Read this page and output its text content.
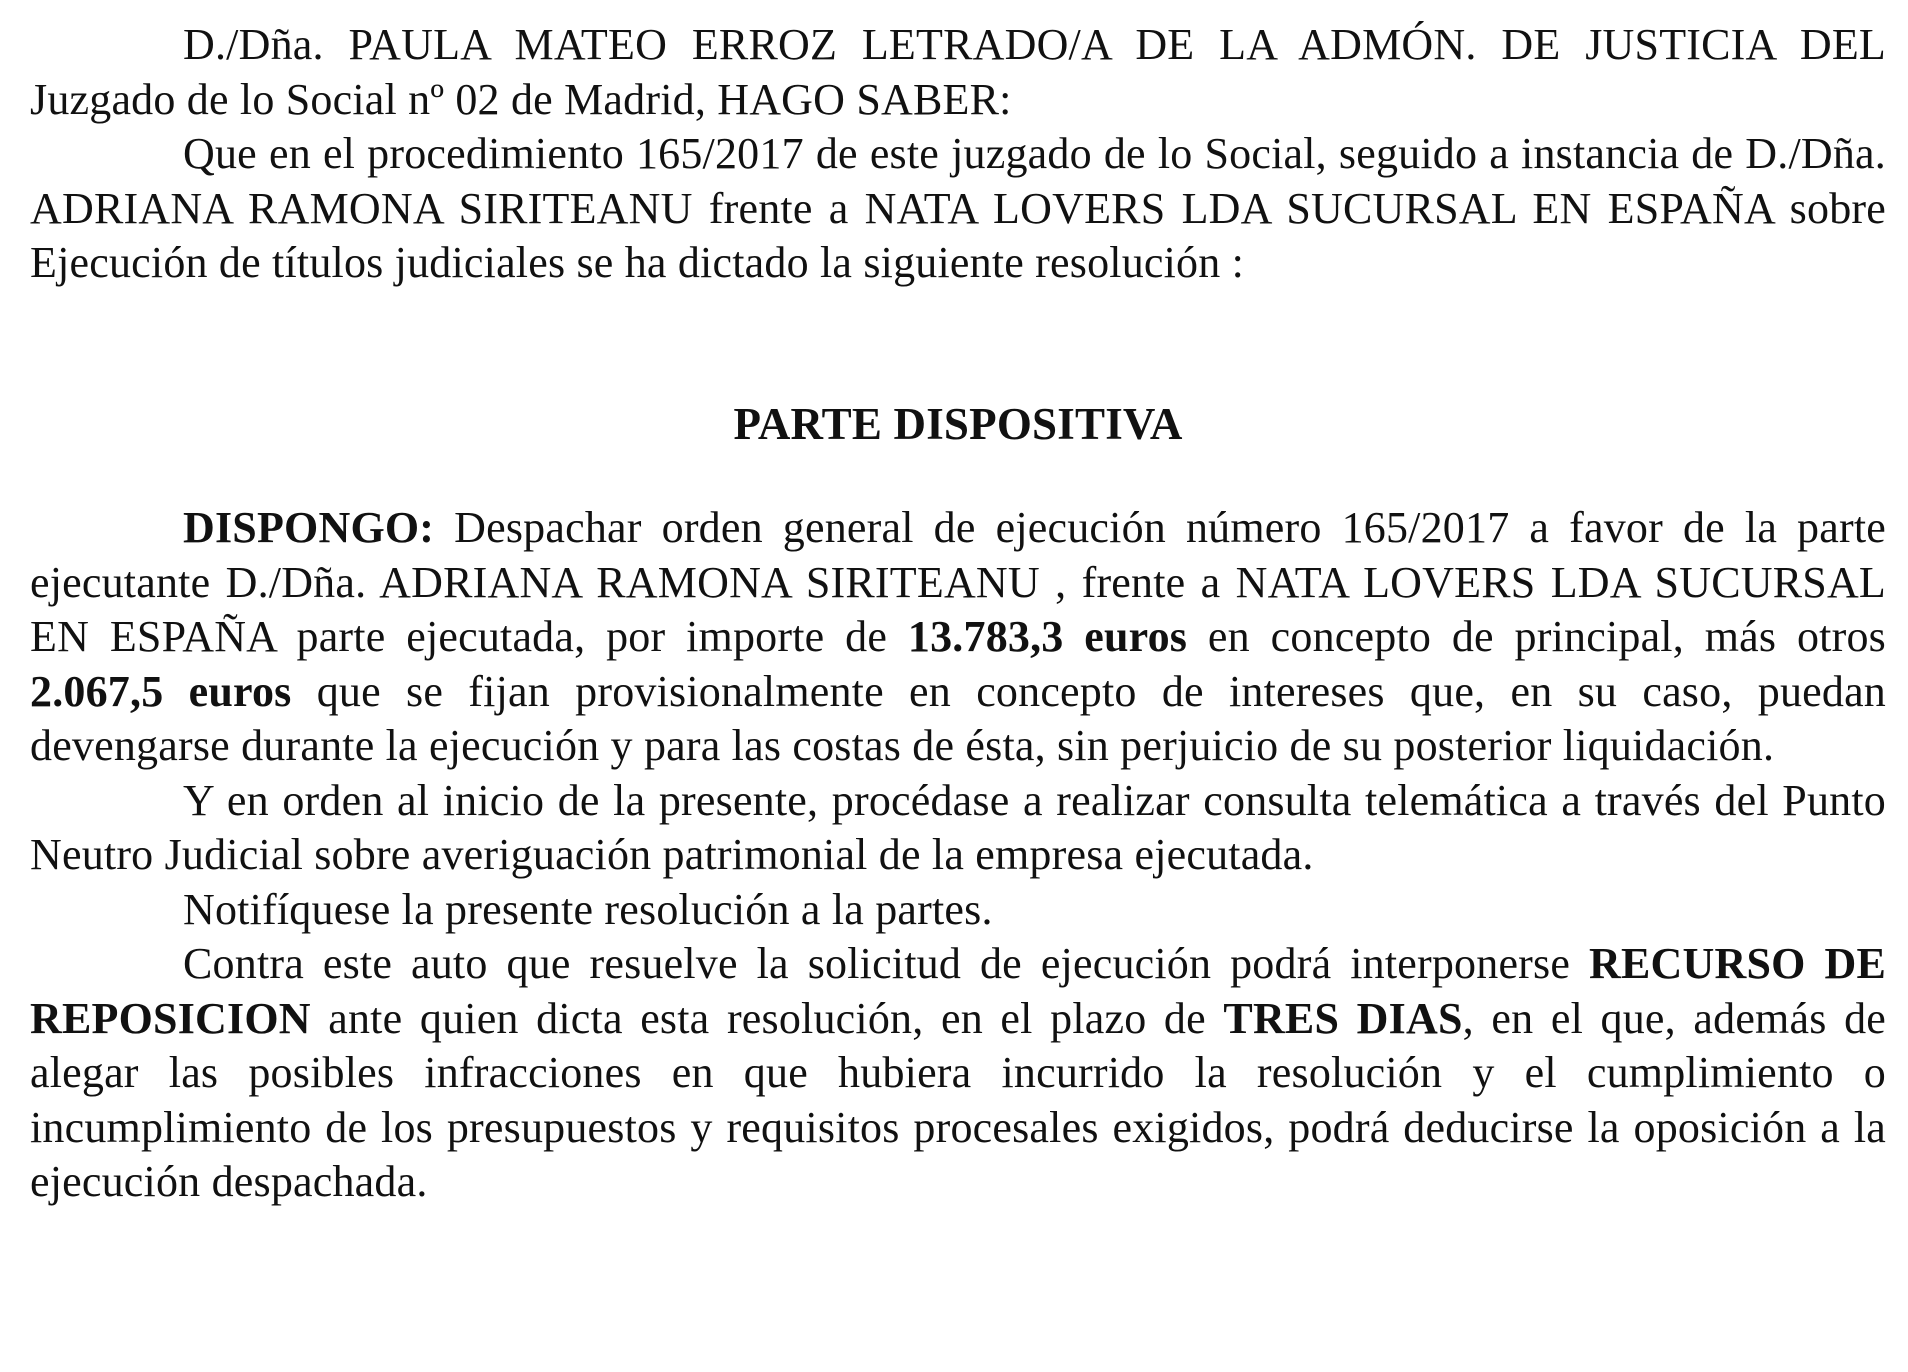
D./Dña. PAULA MATEO ERROZ LETRADO/A DE LA ADMÓN. DE JUSTICIA DEL Juzgado de lo Social nº 02 de Madrid, HAGO SABER:

Que en el procedimiento 165/2017 de este juzgado de lo Social, seguido a instancia de D./Dña. ADRIANA RAMONA SIRITEANU frente a NATA LOVERS LDA SUCURSAL EN ESPAÑA sobre Ejecución de títulos judiciales se ha dictado la siguiente resolución :

PARTE DISPOSITIVA

DISPONGO: Despachar orden general de ejecución número 165/2017 a favor de la parte ejecutante D./Dña. ADRIANA RAMONA SIRITEANU , frente a NATA LOVERS LDA SUCURSAL EN ESPAÑA parte ejecutada, por importe de 13.783,3 euros en concepto de principal, más otros 2.067,5 euros que se fijan provisionalmente en concepto de intereses que, en su caso, puedan devengarse durante la ejecución y para las costas de ésta, sin perjuicio de su posterior liquidación.

Y en orden al inicio de la presente, procédase a realizar consulta telemática a través del Punto Neutro Judicial sobre averiguación patrimonial de la empresa ejecutada.

Notifíquese la presente resolución a la partes.

Contra este auto que resuelve la solicitud de ejecución podrá interponerse RECURSO DE REPOSICION ante quien dicta esta resolución, en el plazo de TRES DIAS, en el que, además de alegar las posibles infracciones en que hubiera incurrido la resolución y el cumplimiento o incumplimiento de los presupuestos y requisitos procesales exigidos, podrá deducirse la oposición a la ejecución despachada.
